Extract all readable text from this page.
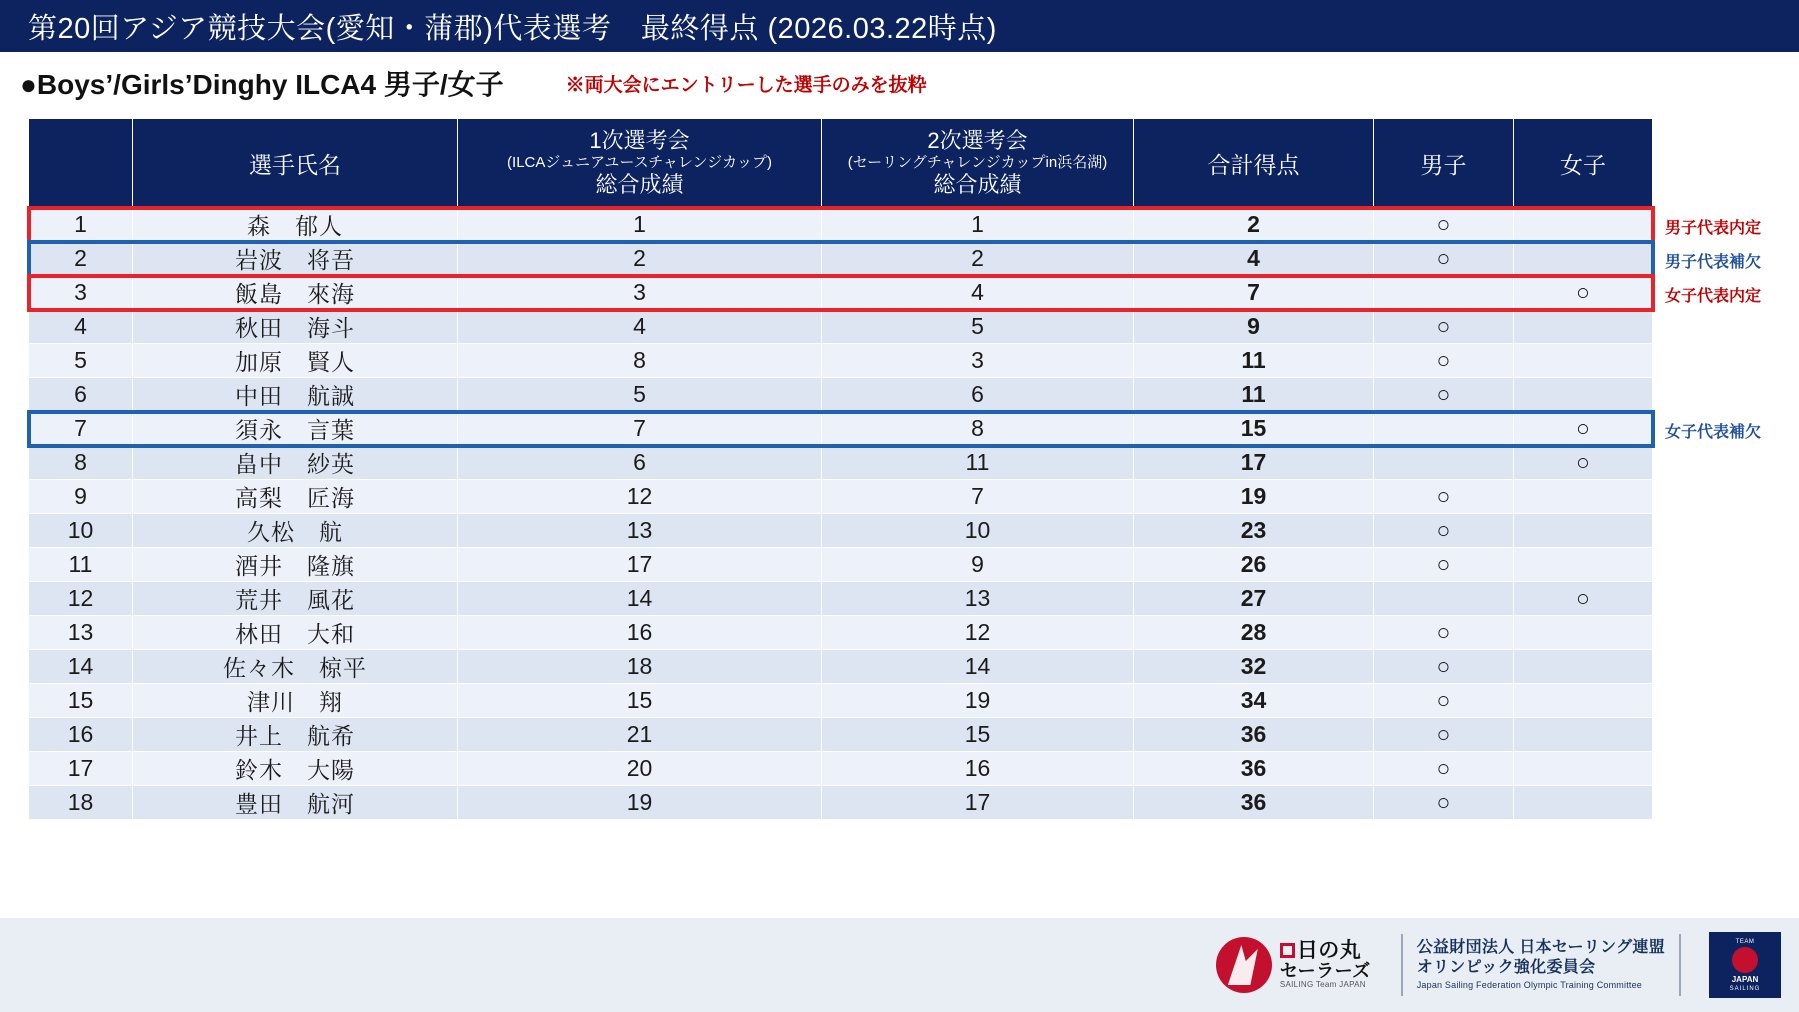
第20回アジア競技大会(愛知・蒲郡)代表選考　最終得点 (2026.03.22時点)
●Boys’/Girls’Dinghy ILCA4 男子/女子	※両大会にエントリーした選手のみを抜粋

選手氏名

1次選考会
(ILCAジュニアユースチャレンジカップ)
総合成績

2次選考会
(セーリングチャレンジカップin浜名湖)
総合成績

合計得点	男子	女子

1	森　郁人	1	1	2	○	
2	岩波　将吾	2	2	4	○	
3	飯島　來海	3	4	7		○
4	秋田　海斗	4	5	9	○	
5	加原　賢人	8	3	11	○	
6	中田　航誠	5	6	11	○	
7	須永　言葉	7	8	15		○
8	畠中　紗英	6	11	17		○
9	高梨　匠海	12	7	19	○	
10	久松　航	13	10	23	○	
11	酒井　隆旗	17	9	26	○	
12	荒井　風花	14	13	27		○
13	林田　大和	16	12	28	○	
14	佐々木　椋平	18	14	32	○	
15	津川　翔	15	19	34	○	
16	井上　航希	21	15	36	○	
17	鈴木　大陽	20	16	36	○	
18	豊田　航河	19	17	36	○	
男子代表内定
男子代表補欠
女子代表内定
女子代表補欠
日の丸
セーラーズ
SAILING Team JAPAN
公益財団法人 日本セーリング連盟
オリンピック強化委員会
Japan Sailing Federation Olympic Training Committee
TEAM
JAPAN
SAILING
